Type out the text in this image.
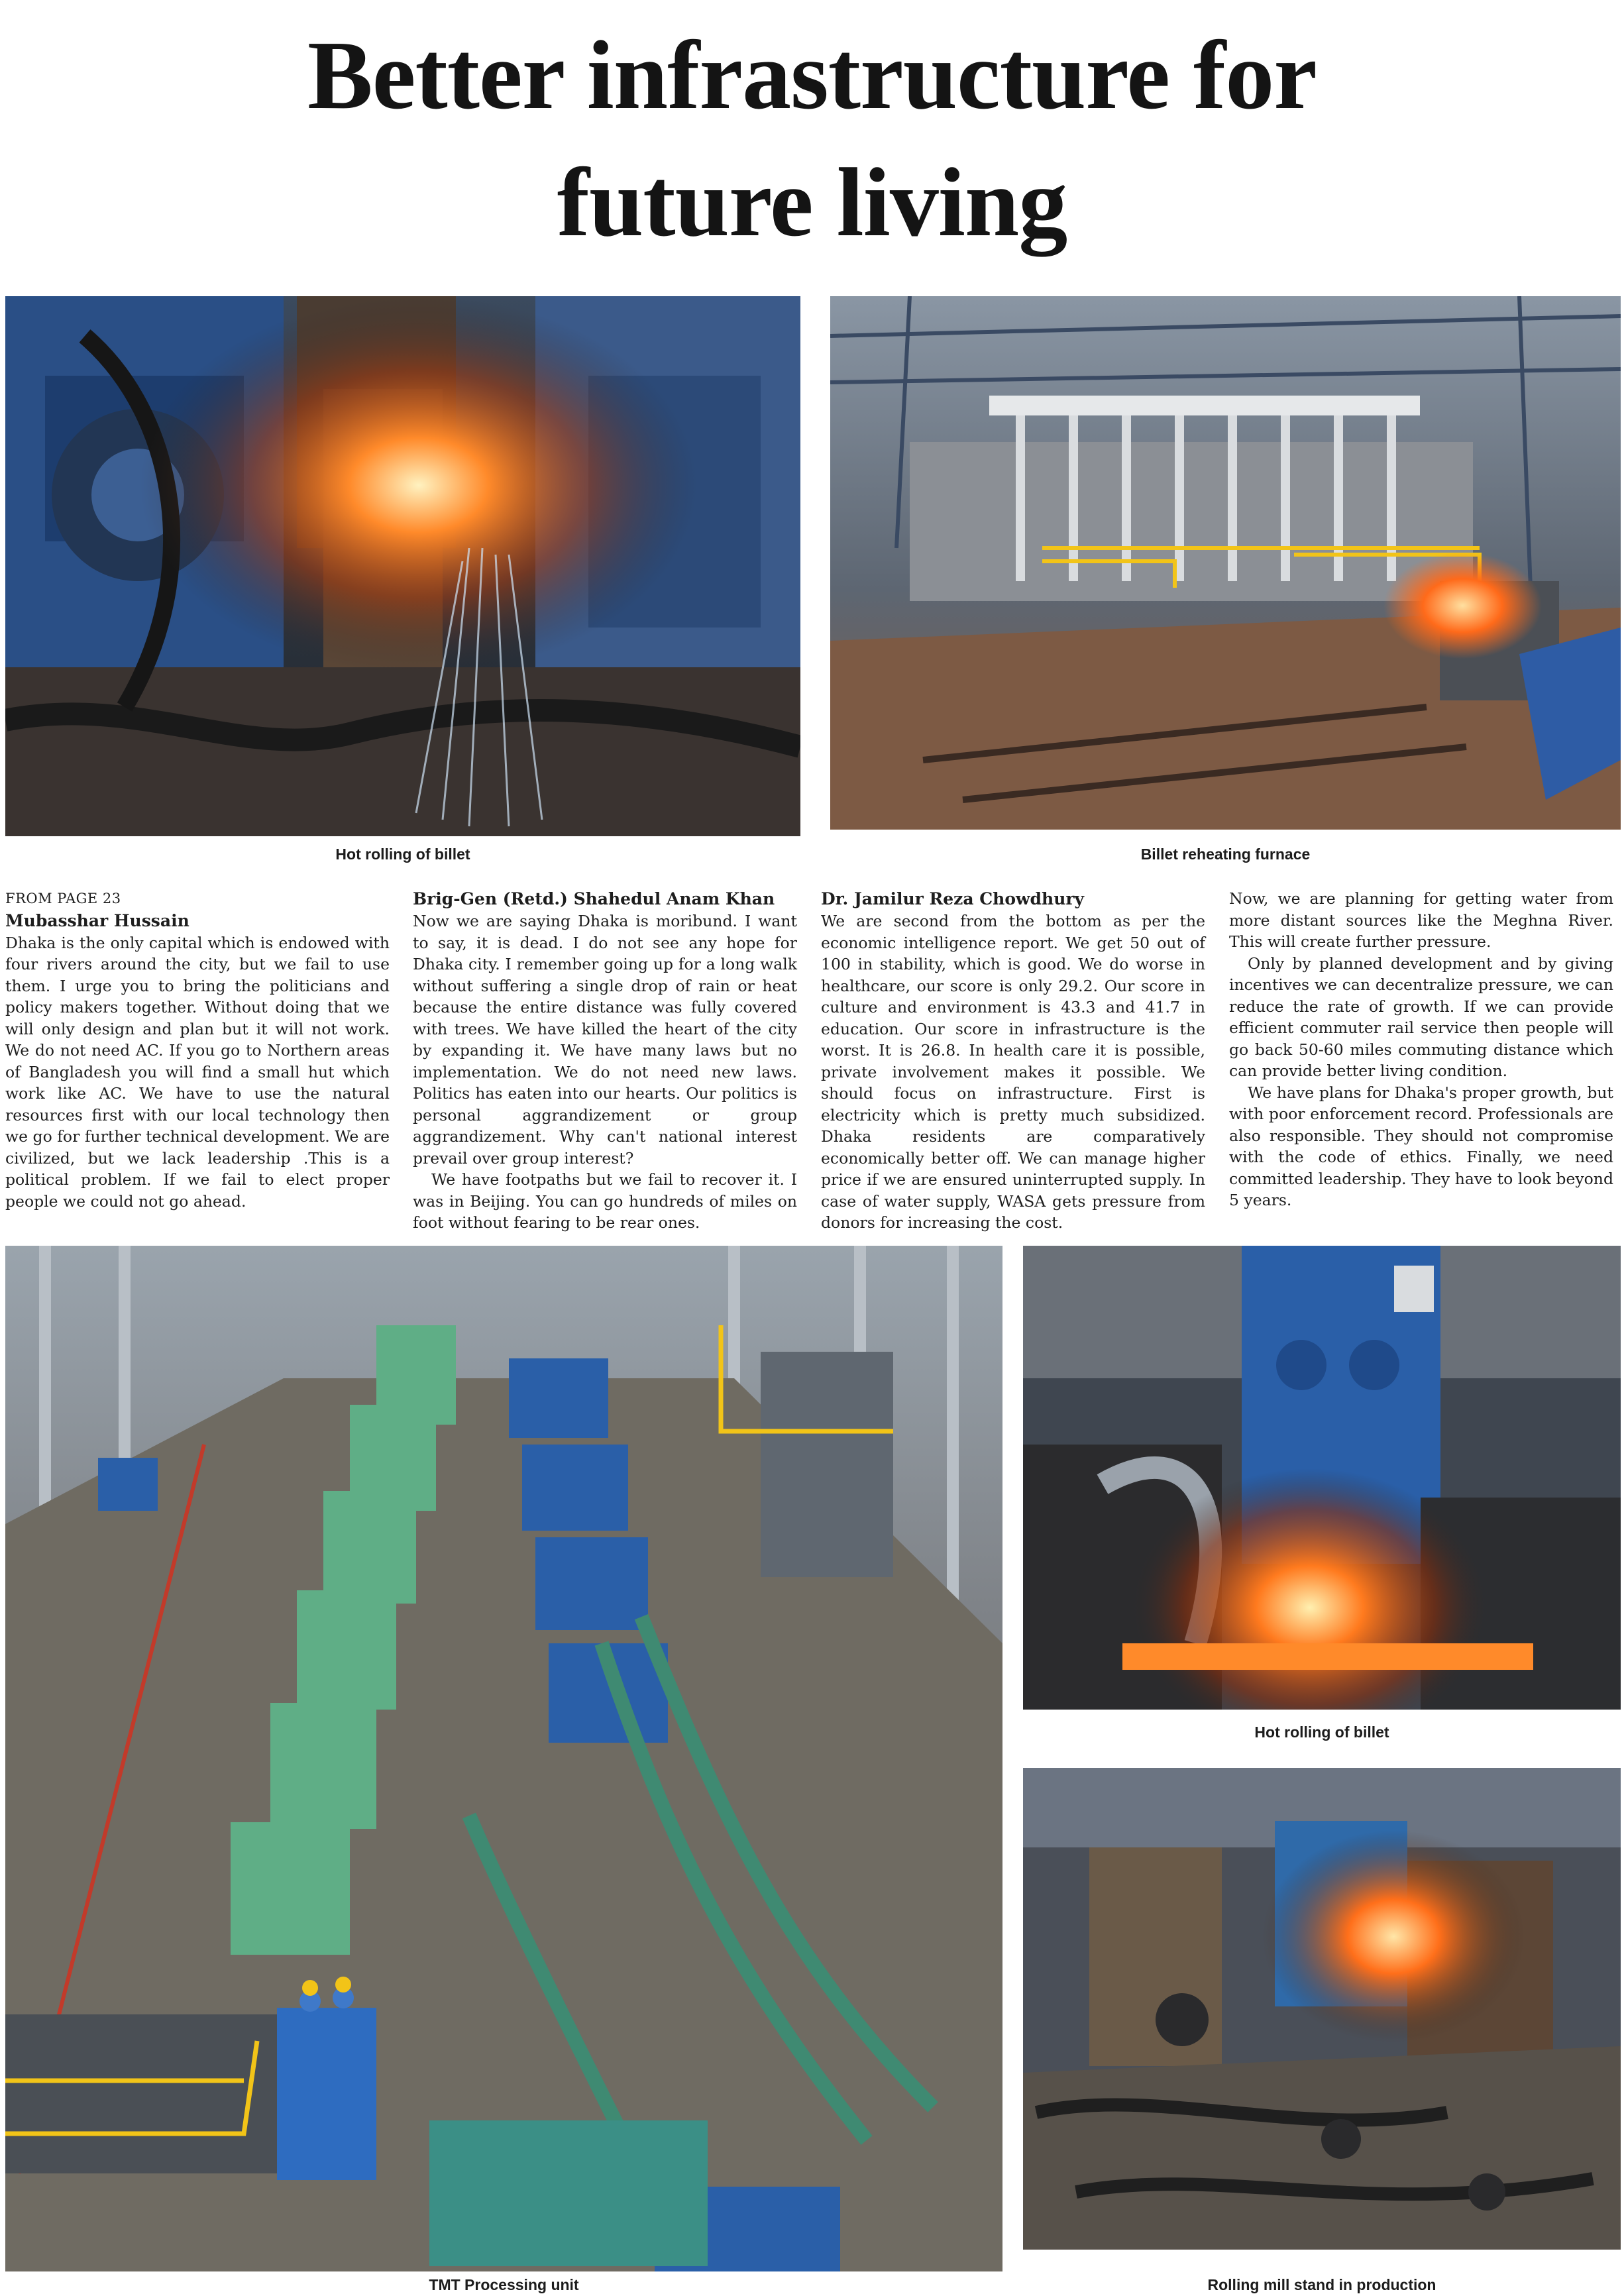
Better infrastructure for
future living

Hot rolling of billet	Billet reheating furnace

FROM PAGE 23

Mubasshar Hussain

Dhaka is the only capital which is endowed with four rivers around the city, but we fail to use them. I urge you to bring the politicians and policy makers together. Without doing that we will only design and plan but it will not work. We do not need AC. If you go to Northern areas of Bangladesh you will find a small hut which work like AC. We have to use the natural resources first with our local technology then we go for further technical development. We are civilized, but we lack leadership .This is a political problem. If we fail to elect proper people we could not go ahead.

Brig-Gen (Retd.) Shahedul Anam Khan

Now we are saying Dhaka is moribund. I want to say, it is dead. I do not see any hope for Dhaka city. I remember going up for a long walk without suffering a single drop of rain or heat because the entire distance was fully covered with trees. We have killed the heart of the city by expanding it. We have many laws but no implementation. We do not need new laws. Politics has eaten into our hearts. Our politics is personal aggrandizement or group aggrandizement. Why can't national interest prevail over group interest?

We have footpaths but we fail to recover it. I was in Beijing. You can go hundreds of miles on foot without fearing to be rear ones.

Dr. Jamilur Reza Chowdhury

We are second from the bottom as per the economic intelligence report. We get 50 out of 100 in stability, which is good. We do worse in healthcare, our score is only 29.2. Our score in culture and environment is 43.3 and 41.7 in education. Our score in infrastructure is the worst. It is 26.8. In health care it is possible, private involvement makes it possible. We should focus on infrastructure. First is electricity which is pretty much subsidized. Dhaka residents are comparatively economically better off. We can manage higher price if we are ensured uninterrupted supply. In case of water supply, WASA gets pressure from donors for increasing the cost.

Now, we are planning for getting water from more distant sources like the Meghna River. This will create further pressure.

Only by planned development and by giving incentives we can decentralize pressure, we can reduce the rate of growth. If we can provide efficient commuter rail service then people will go back 50-60 miles commuting distance which can provide better living condition.

We have plans for Dhaka's proper growth, but with poor enforcement record. Professionals are also responsible. They should not compromise with the code of ethics. Finally, we need committed leadership. They have to look beyond 5 years.

TMT Processing unit

Hot rolling of billet

Rolling mill stand in production
